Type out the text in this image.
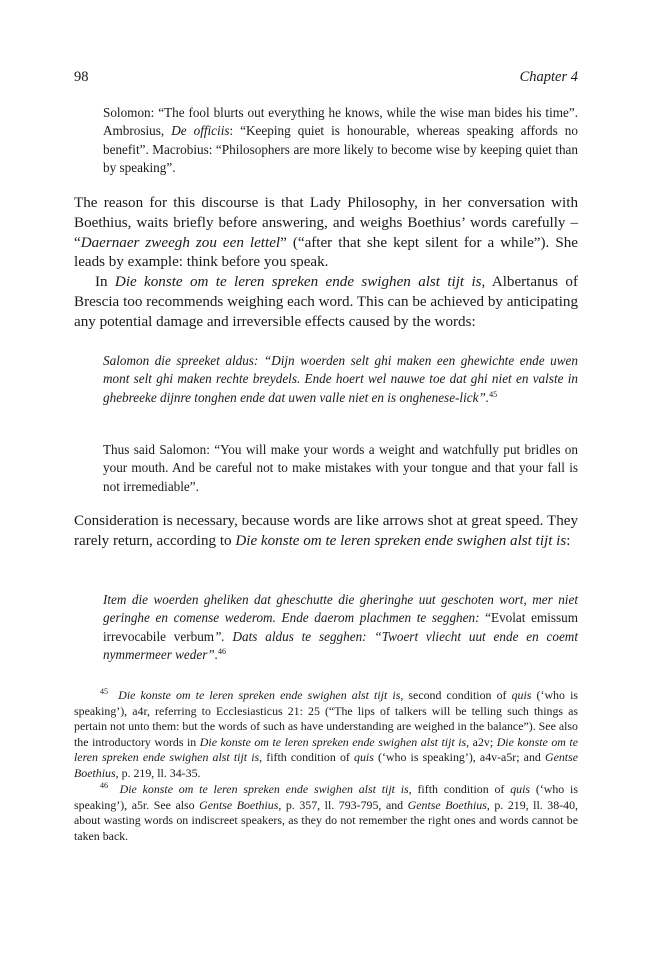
98	Chapter 4

Solomon: “The fool blurts out everything he knows, while the wise man bides his time”. Ambrosius, De officiis: “Keeping quiet is honourable, whereas speaking affords no benefit”. Macrobius: “Philosophers are more likely to become wise by keeping quiet than by speaking”.

The reason for this discourse is that Lady Philosophy, in her conversation with Boethius, waits briefly before answering, and weighs Boethius’ words carefully – “Daernaer zweegh zou een lettel” (“after that she kept silent for a while”). She leads by example: think before you speak.

In Die konste om te leren spreken ende swighen alst tijt is, Albertanus of Brescia too recommends weighing each word. This can be achieved by anticipating any potential damage and irreversible effects caused by the words:

Salomon die spreeket aldus: “Dijn woerden selt ghi maken een ghewichte ende uwen mont selt ghi maken rechte breydels. Ende hoert wel nauwe toe dat ghi niet en valste in ghebreeke dijnre tonghen ende dat uwen valle niet en is onghenese-lick”.$^{45}$

Thus said Salomon: “You will make your words a weight and watchfully put bridles on your mouth. And be careful not to make mistakes with your tongue and that your fall is not irremediable”.

Consideration is necessary, because words are like arrows shot at great speed. They rarely return, according to Die konste om te leren spreken ende swighen alst tijt is:

Item die woerden gheliken dat gheschutte die gheringhe uut geschoten wort, mer niet geringhe en comense wederom. Ende daerom plachmen te segghen: “Evolat emissum irrevocabile verbum”. Dats aldus te segghen: “Twoert vliecht uut ende en coemt nymmermeer weder”.$^{46}$

$^{45}$ Die konste om te leren spreken ende swighen alst tijt is, second condition of quis (‘who is speaking’), a4r, referring to Ecclesiasticus 21: 25 (“The lips of talkers will be telling such things as pertain not unto them: but the words of such as have understanding are weighed in the balance”). See also the introductory words in Die konste om te leren spreken ende swighen alst tijt is, a2v; Die konste om te leren spreken ende swighen alst tijt is, fifth condition of quis (‘who is speaking’), a4v-a5r; and Gentse Boethius, p. 219, ll. 34-35.

$^{46}$ Die konste om te leren spreken ende swighen alst tijt is, fifth condition of quis (‘who is speaking’), a5r. See also Gentse Boethius, p. 357, ll. 793-795, and Gentse Boethius, p. 219, ll. 38-40, about wasting words on indiscreet speakers, as they do not remember the right ones and words cannot be taken back.
